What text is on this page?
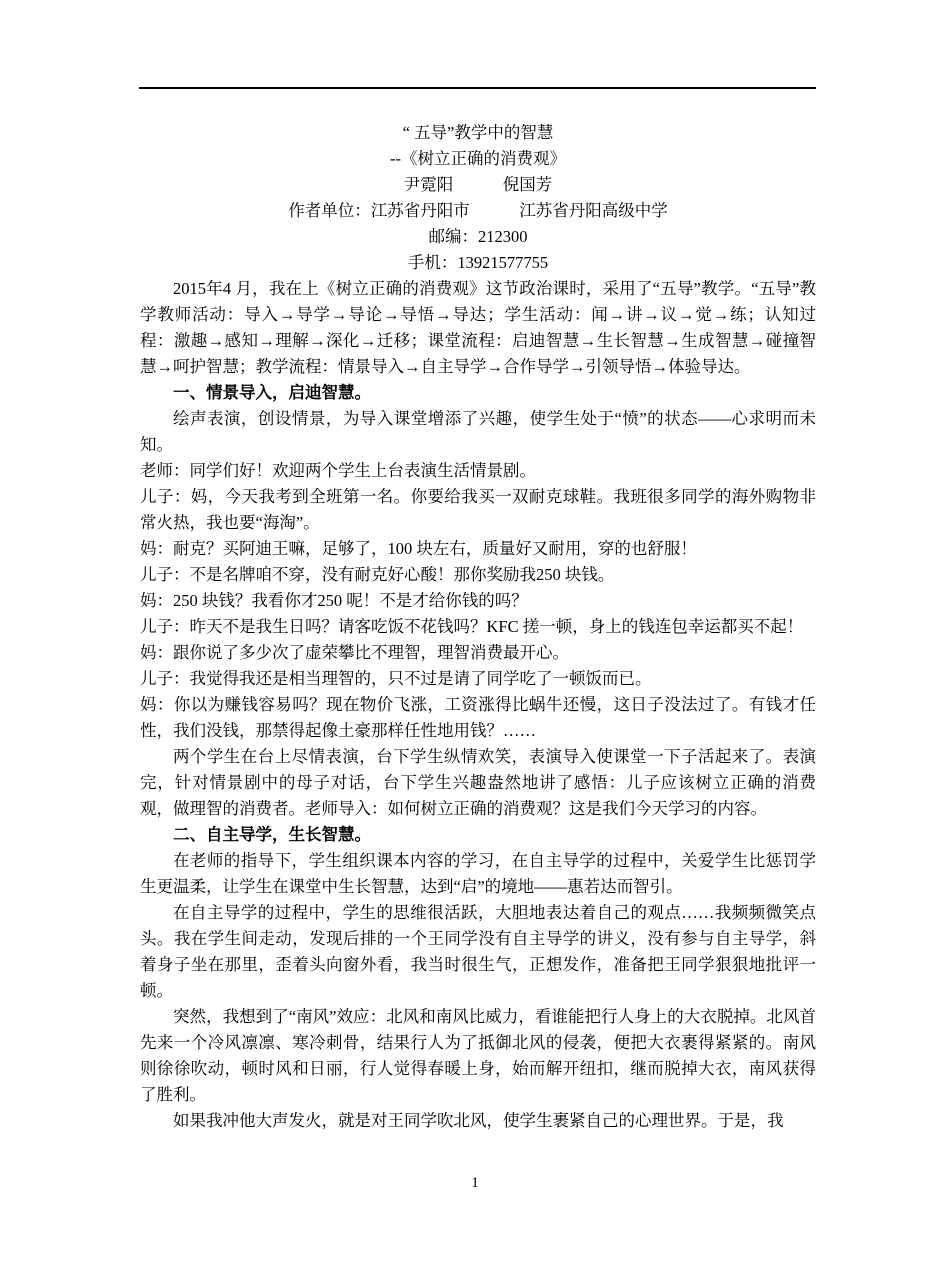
“ 五导”教学中的智慧
--《树立正确的消费观》
尹霓阳　　　倪国芳
作者单位：江苏省丹阳市　　　江苏省丹阳高级中学
邮编：212300
手机：13921577755
2015年4 月，我在上《树立正确的消费观》这节政治课时，采用了“五导”教学。“五导”教学教师活动：导入→导学→导论→导悟→导达；学生活动：闻→讲→议→觉→练；认知过程：激趣→感知→理解→深化→迁移；课堂流程：启迪智慧→生长智慧→生成智慧→碰撞智慧→呵护智慧；教学流程：情景导入→自主导学→合作导学→引领导悟→体验导达。
一、情景导入，启迪智慧。
绘声表演，创设情景，为导入课堂增添了兴趣，使学生处于“愤”的状态——心求明而未知。
老师：同学们好！欢迎两个学生上台表演生活情景剧。
儿子：妈，今天我考到全班第一名。你要给我买一双耐克球鞋。我班很多同学的海外购物非常火热，我也要“海淘”。
妈：耐克？买阿迪王嘛，足够了，100 块左右，质量好又耐用，穿的也舒服！
儿子：不是名牌咱不穿，没有耐克好心酸！那你奖励我250 块钱。
妈：250 块钱？我看你才250 呢！不是才给你钱的吗？
儿子：昨天不是我生日吗？请客吃饭不花钱吗？KFC 搓一顿，身上的钱连包幸运都买不起！
妈：跟你说了多少次了虚荣攀比不理智，理智消费最开心。
儿子：我觉得我还是相当理智的，只不过是请了同学吃了一顿饭而已。
妈：你以为赚钱容易吗？现在物价飞涨，工资涨得比蜗牛还慢，这日子没法过了。有钱才任性，我们没钱，那禁得起像土豪那样任性地用钱？……
两个学生在台上尽情表演，台下学生纵情欢笑，表演导入使课堂一下子活起来了。表演完，针对情景剧中的母子对话，台下学生兴趣盎然地讲了感悟：儿子应该树立正确的消费观，做理智的消费者。老师导入：如何树立正确的消费观？这是我们今天学习的内容。
二、自主导学，生长智慧。
在老师的指导下，学生组织课本内容的学习，在自主导学的过程中，关爱学生比惩罚学生更温柔，让学生在课堂中生长智慧，达到“启”的境地——惠若达而智引。
在自主导学的过程中，学生的思维很活跃，大胆地表达着自己的观点……我频频微笑点头。我在学生间走动，发现后排的一个王同学没有自主导学的讲义，没有参与自主导学，斜着身子坐在那里，歪着头向窗外看，我当时很生气，正想发作，准备把王同学狠狠地批评一顿。
突然，我想到了“南风”效应：北风和南风比威力，看谁能把行人身上的大衣脱掉。北风首先来一个冷风凛凛、寒冷刺骨，结果行人为了抵御北风的侵袭，便把大衣裹得紧紧的。南风则徐徐吹动，顿时风和日丽，行人觉得春暖上身，始而解开纽扣，继而脱掉大衣，南风获得了胜利。
如果我冲他大声发火，就是对王同学吹北风，使学生裹紧自己的心理世界。于是，我
1
